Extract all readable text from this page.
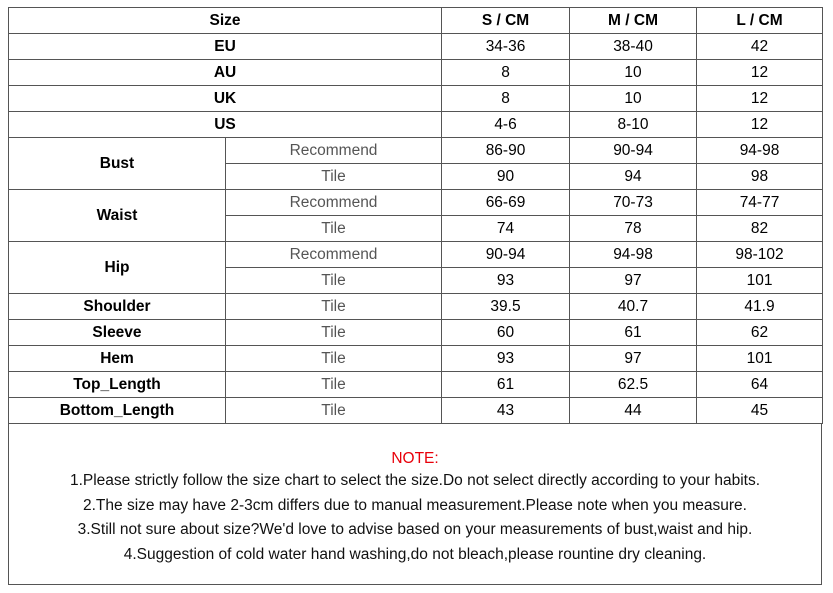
Size		S / CM	M / CM	L / CM
EU		34-36	38-40	42
AU		8	10	12
UK		8	10	12
US		4-6	8-10	12
Bust	Recommend	86-90	90-94	94-98
	Tile	90	94	98
Waist	Recommend	66-69	70-73	74-77
	Tile	74	78	82
Hip	Recommend	90-94	94-98	98-102
	Tile	93	97	101
Shoulder	Tile	39.5	40.7	41.9
Sleeve	Tile	60	61	62
Hem	Tile	93	97	101
Top_Length	Tile	61	62.5	64
Bottom_Length	Tile	43	44	45
NOTE:
1.Please strictly follow the size chart to select the size.Do not select directly according to your habits.
2.The size may have 2-3cm differs due to manual measurement.Please note when you measure.
3.Still not sure about size?We'd love to advise based on your measurements of bust,waist and hip.
4.Suggestion of cold water hand washing,do not bleach,please rountine dry cleaning.
